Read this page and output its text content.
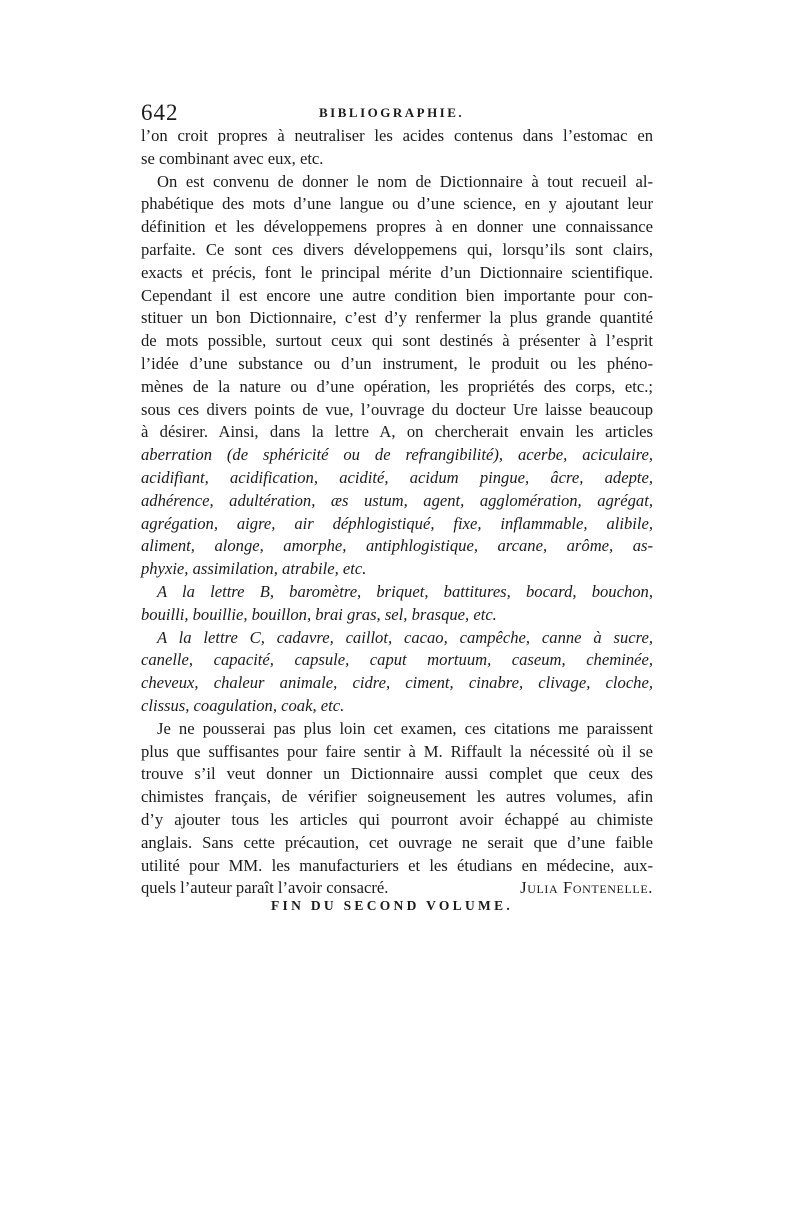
642	BIBLIOGRAPHIE.
l’on croit propres à neutraliser les acides contenus dans l’estomac en
se combinant avec eux, etc.
On est convenu de donner le nom de Dictionnaire à tout recueil al-
phabétique des mots d’une langue ou d’une science, en y ajoutant leur
définition et les développemens propres à en donner une connaissance
parfaite. Ce sont ces divers développemens qui, lorsqu’ils sont clairs,
exacts et précis, font le principal mérite d’un Dictionnaire scientifique.
Cependant il est encore une autre condition bien importante pour con-
stituer un bon Dictionnaire, c’est d’y renfermer la plus grande quantité
de mots possible, surtout ceux qui sont destinés à présenter à l’esprit
l’idée d’une substance ou d’un instrument, le produit ou les phéno-
mènes de la nature ou d’une opération, les propriétés des corps, etc.;
sous ces divers points de vue, l’ouvrage du docteur Ure laisse beaucoup
à désirer. Ainsi, dans la lettre A, on chercherait envain les articles
aberration (de sphéricité ou de refrangibilité), acerbe, aciculaire,
acidifiant, acidification, acidité, acidum pingue, âcre, adepte,
adhérence, adultération, æs ustum, agent, agglomération, agrégat,
agrégation, aigre, air déphlogistiqué, fixe, inflammable, alibile,
aliment, alonge, amorphe, antiphlogistique, arcane, arôme, as-
phyxie, assimilation, atrabile, etc.
A la lettre B, baromètre, briquet, battitures, bocard, bouchon,
bouilli, bouillie, bouillon, brai gras, sel, brasque, etc.
A la lettre C, cadavre, caillot, cacao, campêche, canne à sucre,
canelle, capacité, capsule, caput mortuum, caseum, cheminée,
cheveux, chaleur animale, cidre, ciment, cinabre, clivage, cloche,
clissus, coagulation, coak, etc.
Je ne pousserai pas plus loin cet examen, ces citations me paraissent
plus que suffisantes pour faire sentir à M. Riffault la nécessité où il se
trouve s’il veut donner un Dictionnaire aussi complet que ceux des
chimistes français, de vérifier soigneusement les autres volumes, afin
d’y ajouter tous les articles qui pourront avoir échappé au chimiste
anglais. Sans cette précaution, cet ouvrage ne serait que d’une faible
utilité pour MM. les manufacturiers et les étudians en médecine, aux-
quels l’auteur paraît l’avoir consacré.	Julia Fontenelle.
FIN DU SECOND VOLUME.
